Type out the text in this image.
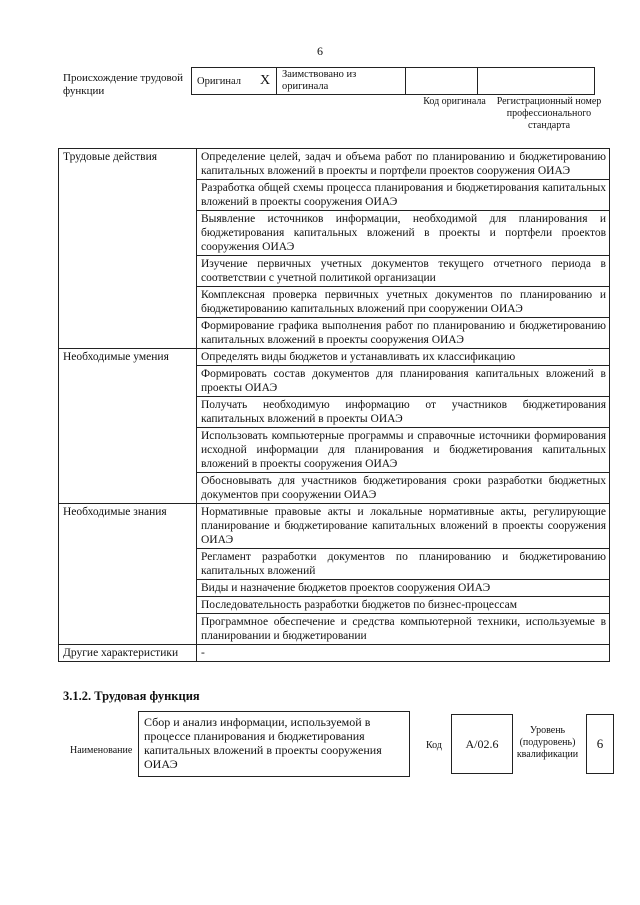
6
Происхождение трудовой функции
Оригинал	X	Заимствовано из оригинала		
Код оригинала	Регистрационный номер профессионального стандарта
Трудовые действия	Определение целей, задач и объема работ по планированию и бюджетированию капитальных вложений в проекты и портфели проектов сооружения ОИАЭ
	Разработка общей схемы процесса планирования и бюджетирования капитальных вложений в проекты сооружения ОИАЭ
	Выявление источников информации, необходимой для планирования и бюджетирования капитальных вложений в проекты и портфели проектов сооружения ОИАЭ
	Изучение первичных учетных документов текущего отчетного периода в соответствии с учетной политикой организации
	Комплексная проверка первичных учетных документов по планированию и бюджетированию капитальных вложений при сооружении ОИАЭ
	Формирование графика выполнения работ по планированию и бюджетированию капитальных вложений в проекты сооружения ОИАЭ
Необходимые умения	Определять виды бюджетов и устанавливать их классификацию
	Формировать состав документов для планирования капитальных вложений в проекты ОИАЭ
	Получать необходимую информацию от участников бюджетирования капитальных вложений в проекты ОИАЭ
	Использовать компьютерные программы и справочные источники формирования исходной информации для планирования и бюджетирования капитальных вложений в проекты сооружения ОИАЭ
	Обосновывать для участников бюджетирования сроки разработки бюджетных документов при сооружении ОИАЭ
Необходимые знания	Нормативные правовые акты и локальные нормативные акты, регулирующие планирование и бюджетирование капитальных вложений в проекты сооружения ОИАЭ
	Регламент разработки документов по планированию и бюджетированию капитальных вложений
	Виды и назначение бюджетов проектов сооружения ОИАЭ
	Последовательность разработки бюджетов по бизнес-процессам
	Программное обеспечение и средства компьютерной техники, используемые в планировании и бюджетировании
Другие характеристики	-
3.1.2. Трудовая функция
Наименование
Сбор и анализ информации, используемой в процессе планирования и бюджетирования капитальных вложений в проекты сооружения ОИАЭ
Код	A/02.6
Уровень (подуровень) квалификации
6
